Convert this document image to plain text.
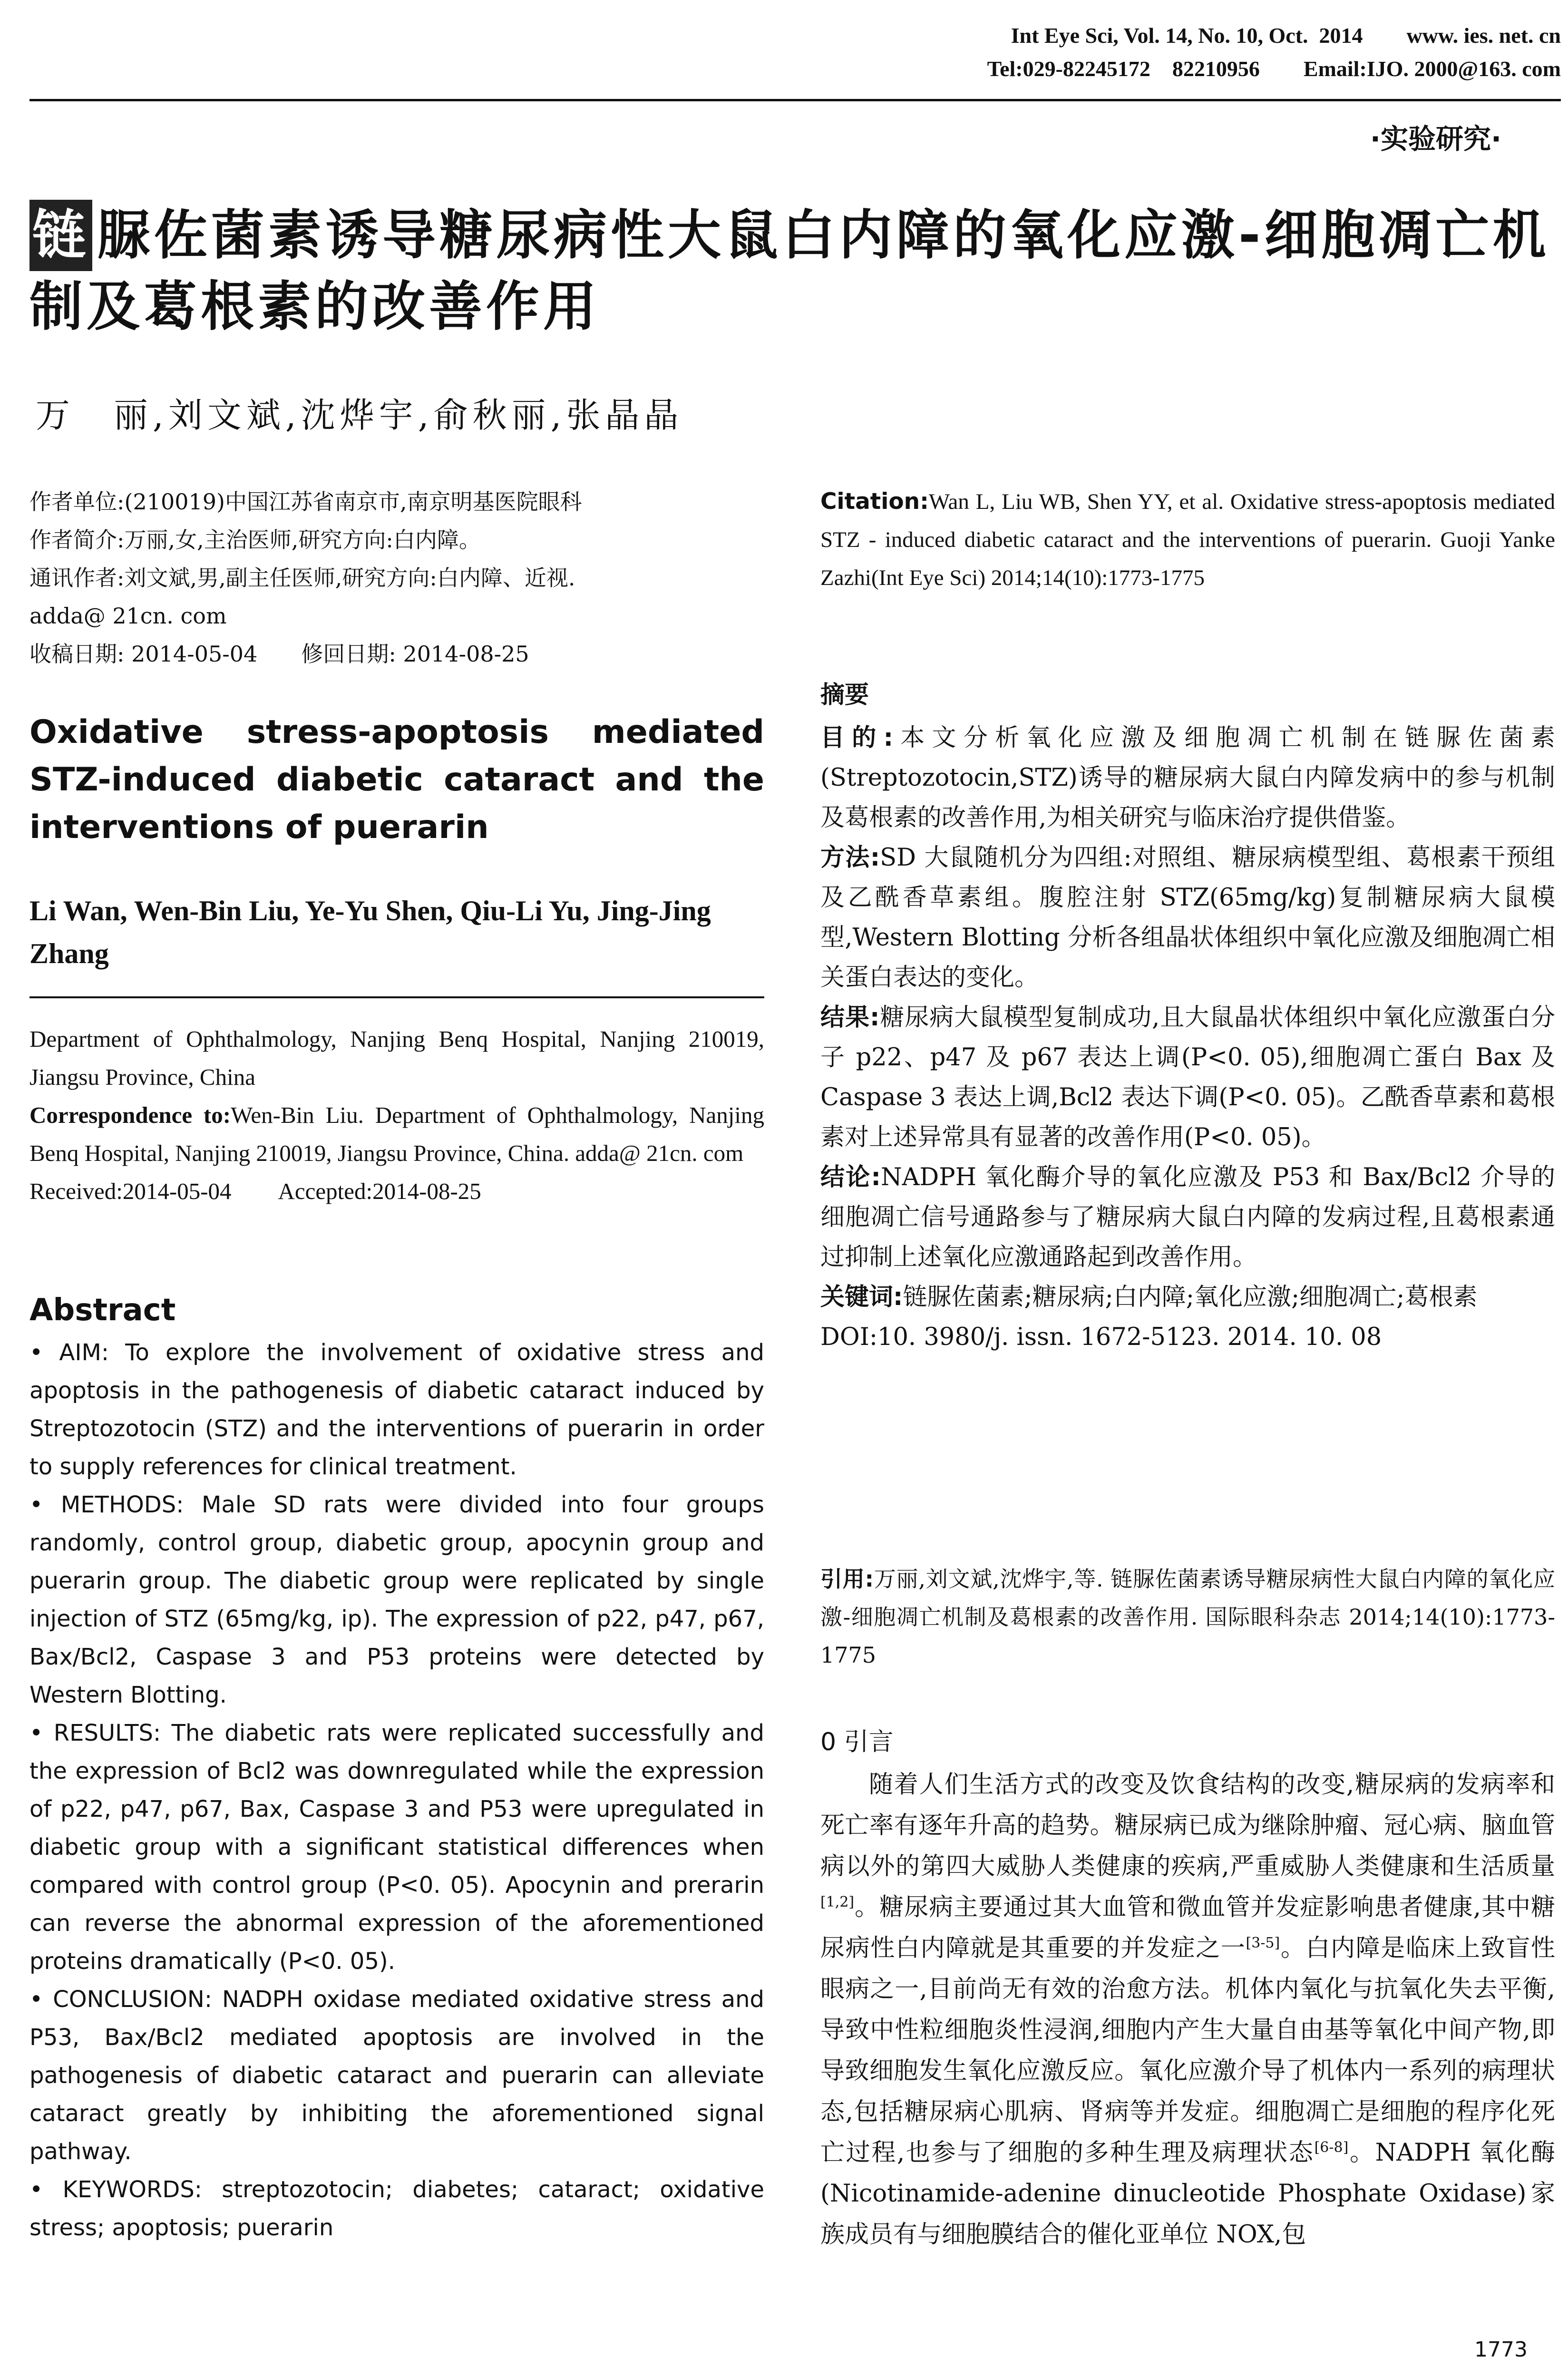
Int Eye Sci, Vol. 14, No. 10, Oct.  2014        www. ies. net. cn
Tel:029-82245172    82210956        Email:IJO. 2000@163. com
·实验研究·
链 脲佐菌素诱导糖尿病性大鼠白内障的氧化应激-细胞凋亡机制及葛根素的改善作用
万　丽,刘文斌,沈烨宇,俞秋丽,张晶晶
作者单位:(210019)中国江苏省南京市,南京明基医院眼科
作者简介:万丽,女,主治医师,研究方向:白内障。
通讯作者:刘文斌,男,副主任医师,研究方向:白内障、近视.
adda@ 21cn. com
收稿日期: 2014-05-04　　修回日期: 2014-08-25
Oxidative stress-apoptosis mediated STZ-induced diabetic cataract and the interventions of puerarin
Li Wan, Wen-Bin Liu, Ye-Yu Shen, Qiu-Li Yu, Jing-Jing Zhang
Department of Ophthalmology, Nanjing Benq Hospital, Nanjing 210019, Jiangsu Province, China
Correspondence to:Wen-Bin Liu. Department of Ophthalmology, Nanjing Benq Hospital, Nanjing 210019, Jiangsu Province, China. adda@ 21cn. com
Received:2014-05-04　　Accepted:2014-08-25
Abstract
• AIM: To explore the involvement of oxidative stress and apoptosis in the pathogenesis of diabetic cataract induced by Streptozotocin (STZ) and the interventions of puerarin in order to supply references for clinical treatment.
• METHODS: Male SD rats were divided into four groups randomly, control group, diabetic group, apocynin group and puerarin group. The diabetic group were replicated by single injection of STZ (65mg/kg, ip). The expression of p22, p47, p67, Bax/Bcl2, Caspase 3 and P53 proteins were detected by Western Blotting.
• RESULTS: The diabetic rats were replicated successfully and the expression of Bcl2 was downregulated while the expression of p22, p47, p67, Bax, Caspase 3 and P53 were upregulated in diabetic group with a significant statistical differences when compared with control group (P<0. 05). Apocynin and prerarin can reverse the abnormal expression of the aforementioned proteins dramatically (P<0. 05).
• CONCLUSION: NADPH oxidase mediated oxidative stress and P53, Bax/Bcl2 mediated apoptosis are involved in the pathogenesis of diabetic cataract and puerarin can alleviate cataract greatly by inhibiting the aforementioned signal pathway.
• KEYWORDS: streptozotocin; diabetes; cataract; oxidative stress; apoptosis; puerarin
Citation:Wan L, Liu WB, Shen YY, et al. Oxidative stress-apoptosis mediated STZ - induced diabetic cataract and the interventions of puerarin. Guoji Yanke Zazhi(Int Eye Sci) 2014;14(10):1773-1775
摘要
目的:本文分析氧化应激及细胞凋亡机制在链脲佐菌素(Streptozotocin,STZ)诱导的糖尿病大鼠白内障发病中的参与机制及葛根素的改善作用,为相关研究与临床治疗提供借鉴。
方法:SD 大鼠随机分为四组:对照组、糖尿病模型组、葛根素干预组及乙酰香草素组。腹腔注射 STZ(65mg/kg)复制糖尿病大鼠模型,Western Blotting 分析各组晶状体组织中氧化应激及细胞凋亡相关蛋白表达的变化。
结果:糖尿病大鼠模型复制成功,且大鼠晶状体组织中氧化应激蛋白分子 p22、p47 及 p67 表达上调(P<0. 05),细胞凋亡蛋白 Bax 及 Caspase 3 表达上调,Bcl2 表达下调(P<0. 05)。乙酰香草素和葛根素对上述异常具有显著的改善作用(P<0. 05)。
结论:NADPH 氧化酶介导的氧化应激及 P53 和 Bax/Bcl2 介导的细胞凋亡信号通路参与了糖尿病大鼠白内障的发病过程,且葛根素通过抑制上述氧化应激通路起到改善作用。
关键词:链脲佐菌素;糖尿病;白内障;氧化应激;细胞凋亡;葛根素
DOI:10. 3980/j. issn. 1672-5123. 2014. 10. 08
引用:万丽,刘文斌,沈烨宇,等. 链脲佐菌素诱导糖尿病性大鼠白内障的氧化应激-细胞凋亡机制及葛根素的改善作用. 国际眼科杂志 2014;14(10):1773-1775
0 引言
随着人们生活方式的改变及饮食结构的改变,糖尿病的发病率和死亡率有逐年升高的趋势。糖尿病已成为继除肿瘤、冠心病、脑血管病以外的第四大威胁人类健康的疾病,严重威胁人类健康和生活质量[1,2]。糖尿病主要通过其大血管和微血管并发症影响患者健康,其中糖尿病性白内障就是其重要的并发症之一[3-5]。白内障是临床上致盲性眼病之一,目前尚无有效的治愈方法。机体内氧化与抗氧化失去平衡,导致中性粒细胞炎性浸润,细胞内产生大量自由基等氧化中间产物,即导致细胞发生氧化应激反应。氧化应激介导了机体内一系列的病理状态,包括糖尿病心肌病、肾病等并发症。细胞凋亡是细胞的程序化死亡过程,也参与了细胞的多种生理及病理状态[6-8]。NADPH 氧化酶(Nicotinamide-adenine dinucleotide Phosphate Oxidase)家族成员有与细胞膜结合的催化亚单位 NOX,包
1773
